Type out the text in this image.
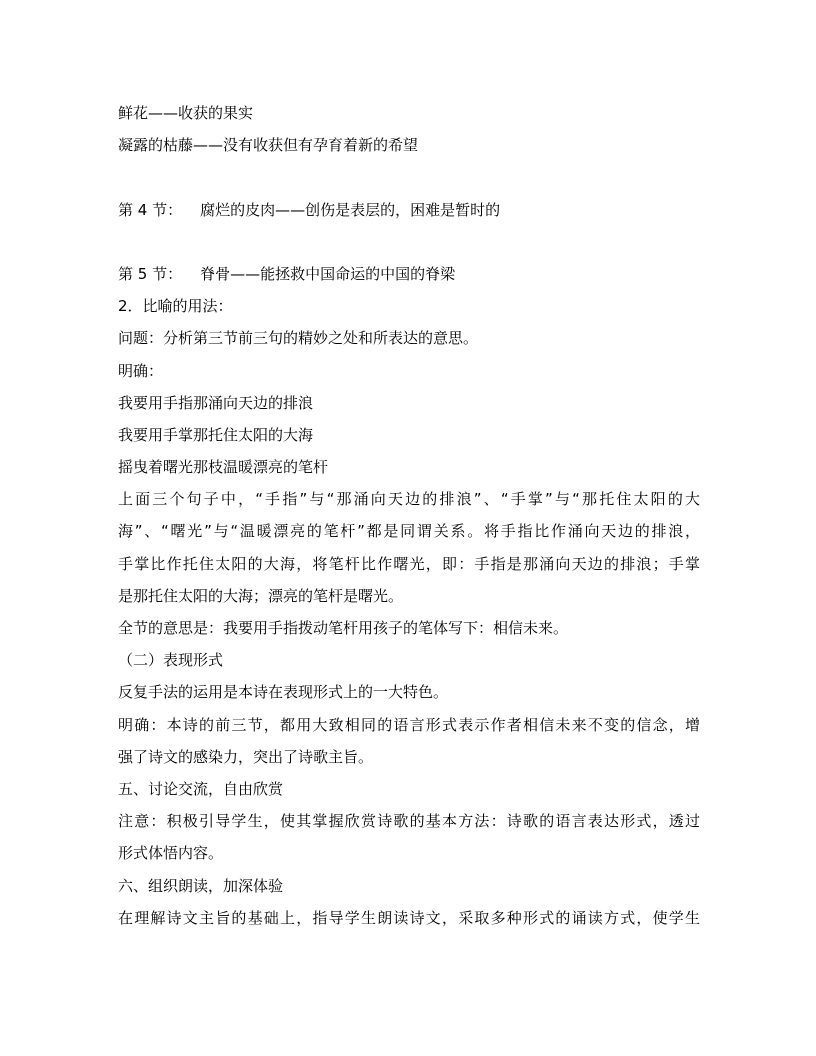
鲜花——收获的果实
凝露的枯藤——没有收获但有孕育着新的希望
第 4 节： 腐烂的皮肉——创伤是表层的，困难是暂时的
第 5 节： 脊骨——能拯救中国命运的中国的脊梁
2．比喻的用法：
问题：分析第三节前三句的精妙之处和所表达的意思。
明确：
我要用手指那涌向天边的排浪
我要用手掌那托住太阳的大海
摇曳着曙光那枝温暖漂亮的笔杆
上面三个句子中，“手指”与“那涌向天边的排浪”、“手掌”与“那托住太阳的大
海”、“曙光”与“温暖漂亮的笔杆”都是同谓关系。将手指比作涌向天边的排浪，
手掌比作托住太阳的大海，将笔杆比作曙光，即：手指是那涌向天边的排浪；手掌
是那托住太阳的大海；漂亮的笔杆是曙光。
全节的意思是：我要用手指拨动笔杆用孩子的笔体写下：相信未来。
（二）表现形式
反复手法的运用是本诗在表现形式上的一大特色。
明确：本诗的前三节，都用大致相同的语言形式表示作者相信未来不变的信念，增
强了诗文的感染力，突出了诗歌主旨。
五、讨论交流，自由欣赏
注意：积极引导学生，使其掌握欣赏诗歌的基本方法：诗歌的语言表达形式，透过
形式体悟内容。
六、组织朗读，加深体验
在理解诗文主旨的基础上，指导学生朗读诗文，采取多种形式的诵读方式，使学生
